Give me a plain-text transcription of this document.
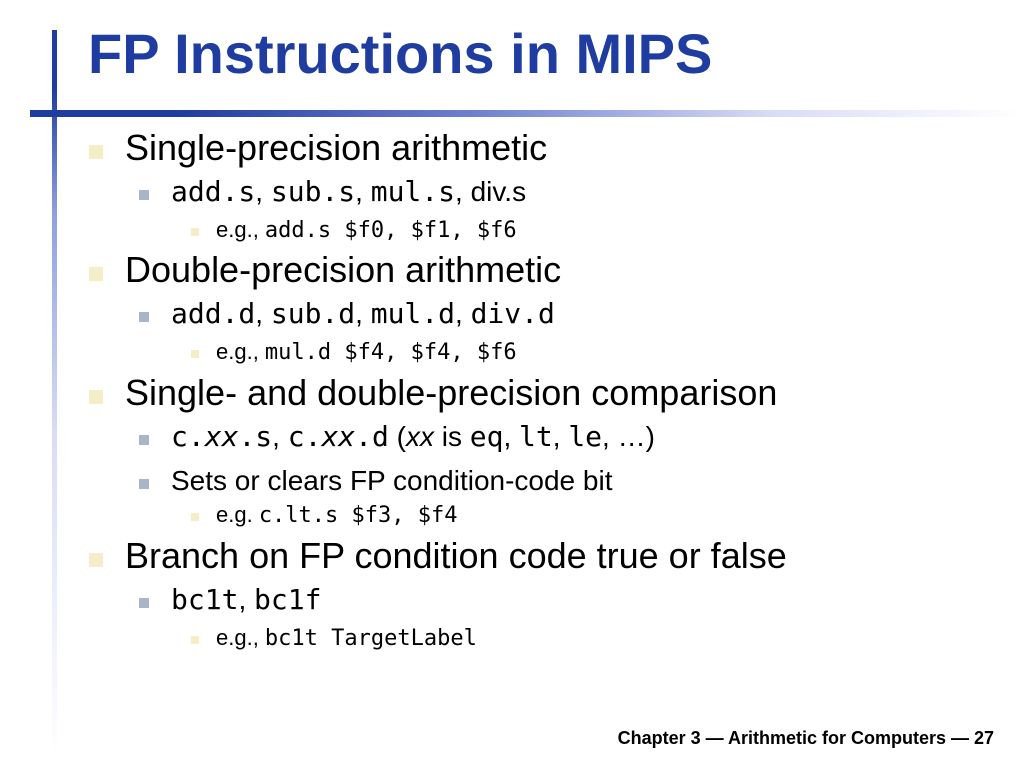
FP Instructions in MIPS
Single-precision arithmetic
add.s, sub.s, mul.s, div.s
e.g., add.s $f0, $f1, $f6
Double-precision arithmetic
add.d, sub.d, mul.d, div.d
e.g., mul.d $f4, $f4, $f6
Single- and double-precision comparison
c.xx.s, c.xx.d (xx is eq, lt, le, …)
Sets or clears FP condition-code bit
e.g. c.lt.s $f3, $f4
Branch on FP condition code true or false
bc1t, bc1f
e.g., bc1t TargetLabel
Chapter 3 — Arithmetic for Computers — 27
